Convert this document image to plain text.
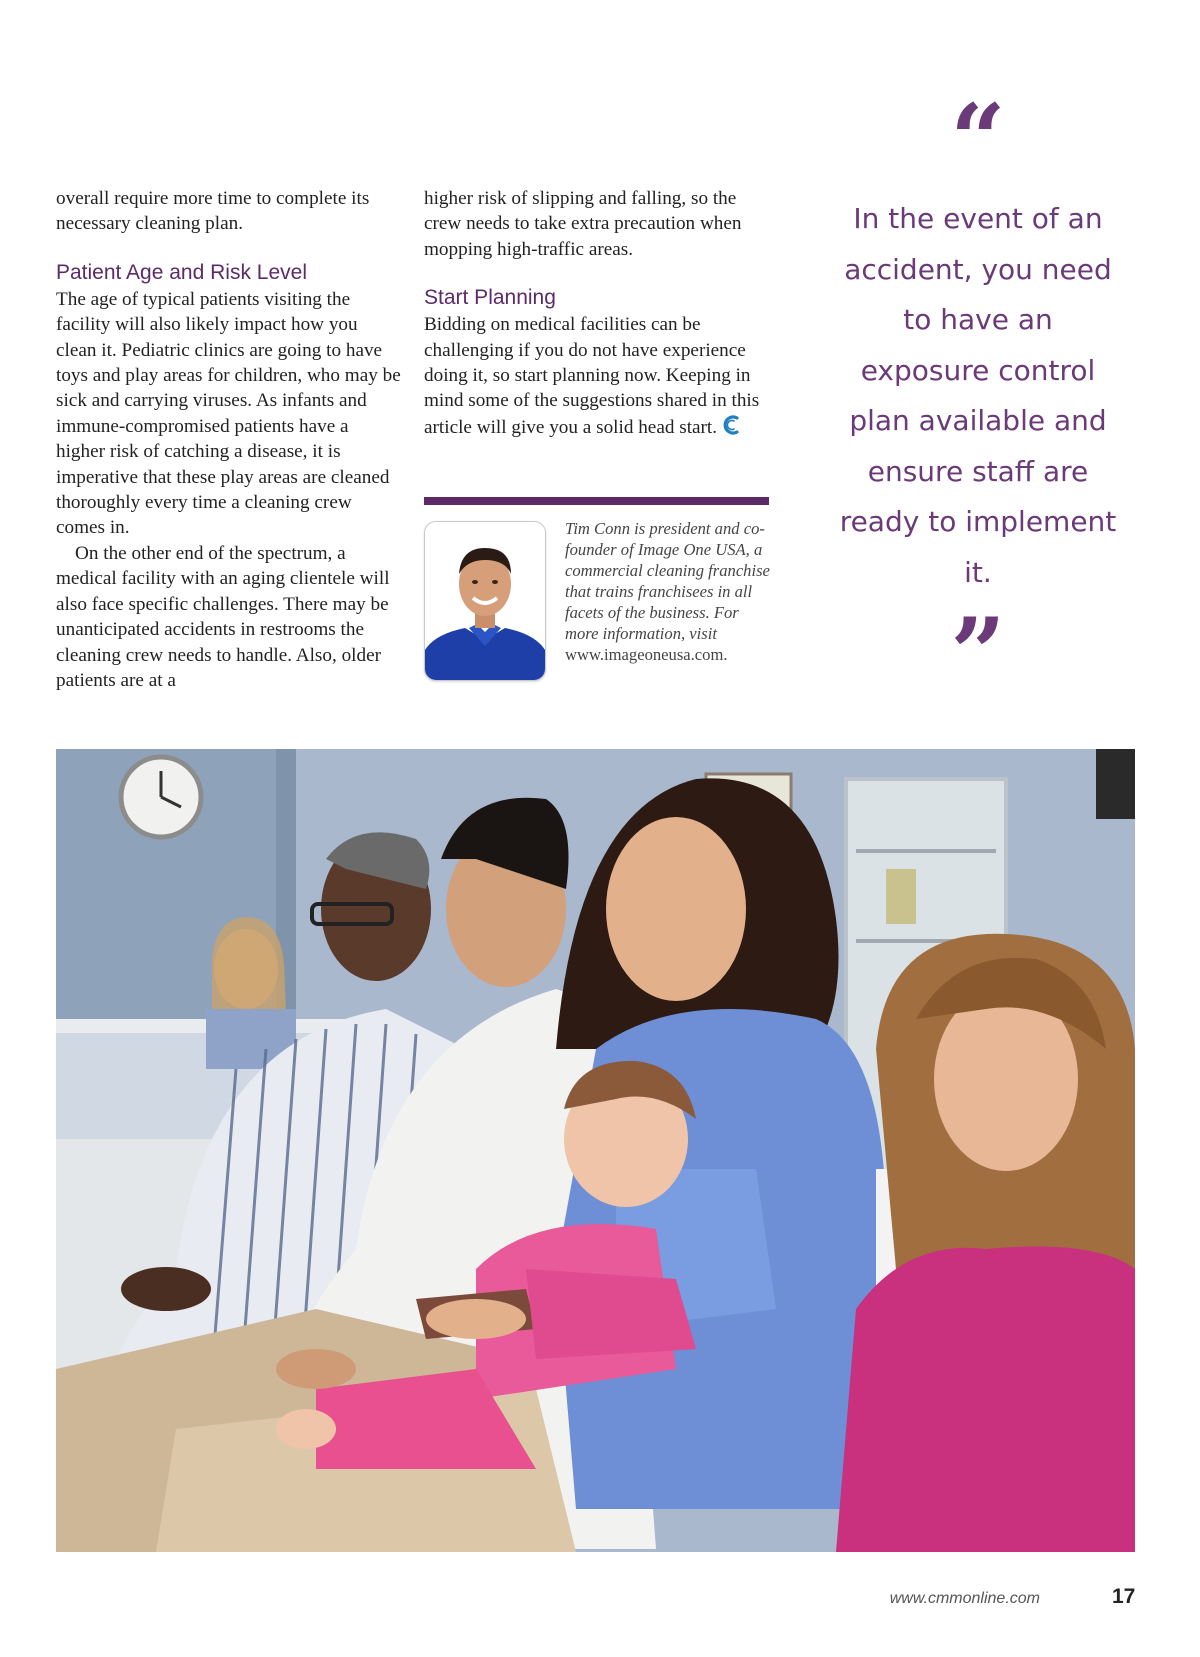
overall require more time to complete its necessary cleaning plan.

Patient Age and Risk Level

The age of typical patients visiting the facility will also likely impact how you clean it. Pediatric clinics are going to have toys and play areas for children, who may be sick and carrying viruses. As infants and immune-compromised patients have a higher risk of catching a disease, it is imperative that these play areas are cleaned thoroughly every time a cleaning crew comes in.

On the other end of the spectrum, a medical facility with an aging clientele will also face specific challenges. There may be unanticipated accidents in restrooms the cleaning crew needs to handle. Also, older patients are at a

higher risk of slipping and falling, so the crew needs to take extra precaution when mopping high-traffic areas.

Start Planning

Bidding on medical facilities can be challenging if you do not have experience doing it, so start planning now. Keeping in mind some of the suggestions shared in this article will give you a solid head start.

Tim Conn is president and co-founder of Image One USA, a commercial cleaning franchise that trains franchisees in all facets of the business. For more information, visit www.imageoneusa.com.
“
In the event of an accident, you need to have an exposure control plan available and ensure staff are ready to implement it.
”
www.cmmonline.com	17
